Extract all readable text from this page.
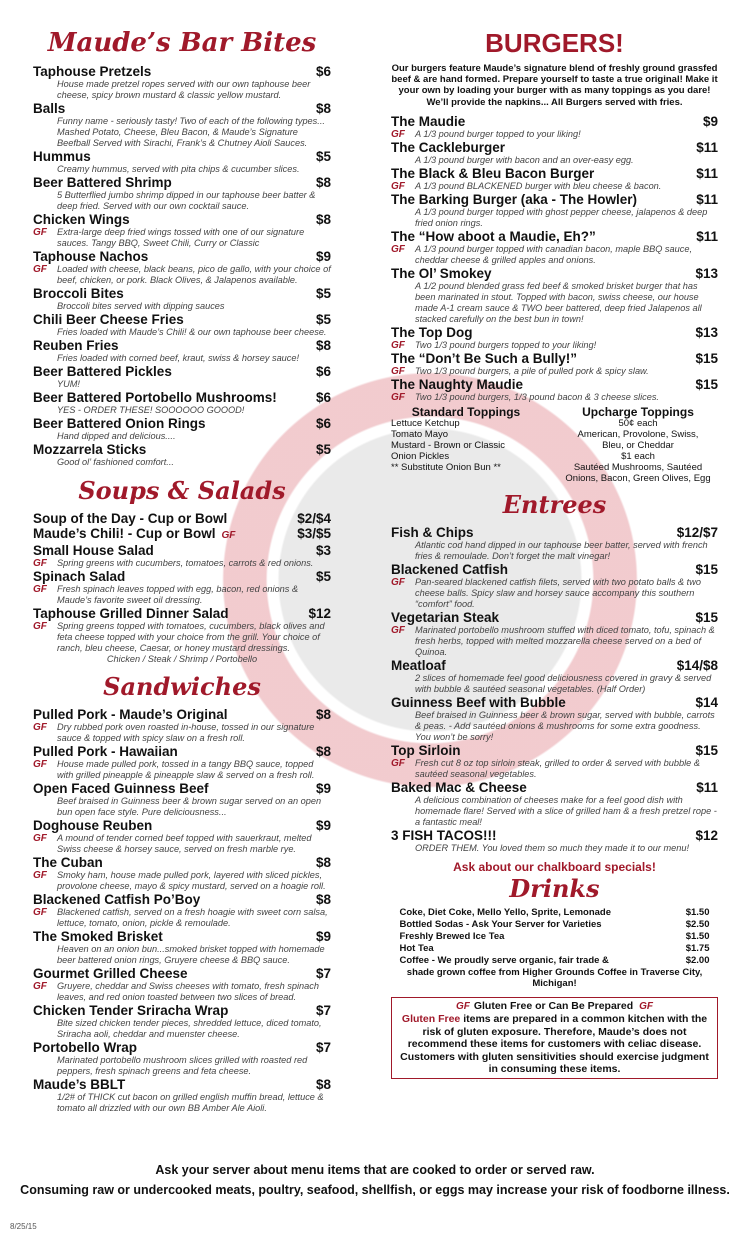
Maude’s Bar Bites
Taphouse Pretzels	$6
House made pretzel ropes served with our own taphouse beer cheese, spicy brown mustard & classic yellow mustard.
Balls	$8
Funny name - seriously tasty! Two of each of the following types... Mashed Potato, Cheese, Bleu Bacon, & Maude’s Signature Beefball Served with Sirachi, Frank’s & Chutney Aioli Sauces.
Hummus	$5
Creamy hummus, served with pita chips & cucumber slices.
Beer Battered Shrimp	$8
5 Butterflied jumbo shrimp dipped in our taphouse beer batter & deep fried. Served with our own cocktail sauce.
Chicken Wings	$8
GF Extra-large deep fried wings tossed with one of our signature sauces. Tangy BBQ, Sweet Chili, Curry or Classic
Taphouse Nachos	$9
GF Loaded with cheese, black beans, pico de gallo, with your choice of beef, chicken, or pork. Black Olives, & Jalapenos available.
Broccoli Bites	$5
Broccoli bites served with dipping sauces
Chili Beer Cheese Fries	$5
Fries loaded with Maude’s Chili! & our own taphouse beer cheese.
Reuben Fries	$8
Fries loaded with corned beef, kraut, swiss & horsey sauce!
Beer Battered Pickles	$6
YUM!
Beer Battered Portobello Mushrooms!	$6
YES - ORDER THESE! SOOOOOO GOOOD!
Beer Battered Onion Rings	$6
Hand dipped and delicious....
Mozzarrela Sticks	$5
Good ol’ fashioned comfort...
Soups & Salads
Soup of the Day - Cup or Bowl	$2/$4
Maude’s Chili! - Cup or Bowl GF	$3/$5
Small House Salad	$3
GF Spring greens with cucumbers, tomatoes, carrots & red onions.
Spinach Salad	$5
GF Fresh spinach leaves topped with egg, bacon, red onions & Maude’s favorite sweet oil dressing.
Taphouse Grilled Dinner Salad	$12
GF Spring greens topped with tomatoes, cucumbers, black olives and feta cheese topped with your choice from the grill. Your choice of ranch, bleu cheese, Caesar, or honey mustard dressings.
Chicken / Steak / Shrimp / Portobello
Sandwiches
Pulled Pork - Maude’s Original	$8
GF Dry rubbed pork oven roasted in-house, tossed in our signature sauce & topped with spicy slaw on a fresh roll.
Pulled Pork - Hawaiian	$8
GF House made pulled pork, tossed in a tangy BBQ sauce, topped with grilled pineapple & pineapple slaw & served on a fresh roll.
Open Faced Guinness Beef	$9
Beef braised in Guinness beer & brown sugar served on an open bun open face style. Pure deliciousness...
Doghouse Reuben	$9
GF A mound of tender corned beef topped with sauerkraut, melted Swiss cheese & horsey sauce, served on fresh marble rye.
The Cuban	$8
GF Smoky ham, house made pulled pork, layered with sliced pickles, provolone cheese, mayo & spicy mustard, served on a hoagie roll.
Blackened Catfish Po’Boy	$8
GF Blackened catfish, served on a fresh hoagie with sweet corn salsa, lettuce, tomato, onion, pickle & remoulade.
The Smoked Brisket	$9
Heaven on an onion bun...smoked brisket topped with homemade beer battered onion rings, Gruyere cheese & BBQ sauce.
Gourmet Grilled Cheese	$7
GF Gruyere, cheddar and Swiss cheeses with tomato, fresh spinach leaves, and red onion toasted between two slices of bread.
Chicken Tender Sriracha Wrap	$7
Bite sized chicken tender pieces, shredded lettuce, diced tomato, Sriracha aoli, cheddar and muenster cheese.
Portobello Wrap	$7
Marinated portobello mushroom slices grilled with roasted red peppers, fresh spinach greens and feta cheese.
Maude’s BBLT	$8
1/2# of THICK cut bacon on grilled english muffin bread, lettuce & tomato all drizzled with our own BB Amber Ale Aioli.
BURGERS!

Our burgers feature Maude’s signature blend of freshly ground grassfed beef & are hand formed. Prepare yourself to taste a true original! Make it your own by loading your burger with as many toppings as you dare! We’ll provide the napkins... All Burgers served with fries.

The Maudie	$9
GF A 1/3 pound burger topped to your liking!
The Cackleburger	$11
A 1/3 pound burger with bacon and an over-easy egg.
The Black & Bleu Bacon Burger	$11
GF A 1/3 pound BLACKENED burger with bleu cheese & bacon.
The Barking Burger (aka - The Howler)	$11
A 1/3 pound burger topped with ghost pepper cheese, jalapenos & deep fried onion rings.
The “How aboot a Maudie, Eh?”	$11
GF A 1/3 pound burger topped with canadian bacon, maple BBQ sauce, cheddar cheese & grilled apples and onions.
The Ol’ Smokey	$13
A 1/2 pound blended grass fed beef & smoked brisket burger that has been marinated in stout. Topped with bacon, swiss cheese, our house made A-1 cream sauce & TWO beer battered, deep fried Jalapenos all stacked carefully on the best bun in town!
The Top Dog	$13
GF Two 1/3 pound burgers topped to your liking!
The “Don’t Be Such a Bully!”	$15
GF Two 1/3 pound burgers, a pile of pulled pork & spicy slaw.
The Naughty Maudie	$15
GF Two 1/3 pound burgers, 1/3 pound bacon & 3 cheese slices.
Standard Toppings
Lettuce Ketchup
Tomato Mayo
Mustard - Brown or Classic
Onion Pickles
** Substitute Onion Bun **
Upcharge Toppings
50¢ each
American, Provolone, Swiss,
Bleu, or Cheddar
$1 each
Sautéed Mushrooms, Sautéed
Onions, Bacon, Green Olives, Egg
Entrees
Fish & Chips	$12/$7
Atlantic cod hand dipped in our taphouse beer batter, served with french fries & remoulade. Don’t forget the malt vinegar!
Blackened Catfish	$15
GF Pan-seared blackened catfish filets, served with two potato balls & two cheese balls. Spicy slaw and horsey sauce accompany this southern “comfort” food.
Vegetarian Steak	$15
GF Marinated portobello mushroom stuffed with diced tomato, tofu, spinach & fresh herbs, topped with melted mozzarella cheese served on a bed of Quinoa.
Meatloaf	$14/$8
2 slices of homemade feel good deliciousness covered in gravy & served with bubble & sautéed seasonal vegetables. (Half Order)
Guinness Beef with Bubble	$14
Beef braised in Guinness beer & brown sugar, served with bubble, carrots & peas. - Add sautéed onions & mushrooms for some extra goodness. You won’t be sorry!
Top Sirloin	$15
GF Fresh cut 8 oz top sirloin steak, grilled to order & served with bubble & sautéed seasonal vegetables.
Baked Mac & Cheese	$11
A delicious combination of cheeses make for a feel good dish with homemade flare! Served with a slice of grilled ham & a fresh pretzel rope - a fantastic meal!
3 FISH TACOS!!!	$12
ORDER THEM. You loved them so much they made it to our menu!
Ask about our chalkboard specials!
Drinks
Coke, Diet Coke, Mello Yello, Sprite, Lemonade	$1.50
Bottled Sodas - Ask Your Server for Varieties	$2.50
Freshly Brewed Ice Tea	$1.50
Hot Tea	$1.75
Coffee - We proudly serve organic, fair trade &	$2.00
shade grown coffee from Higher Grounds Coffee in Traverse City, Michigan!
GF Gluten Free or Can Be Prepared GF
Gluten Free items are prepared in a common kitchen with the risk of gluten exposure. Therefore, Maude’s does not recommend these items for customers with celiac disease. Customers with gluten sensitivities should exercise judgment in consuming these items.
Ask your server about menu items that are cooked to order or served raw.
Consuming raw or undercooked meats, poultry, seafood, shellfish, or eggs may increase your risk of foodborne illness.
8/25/15
